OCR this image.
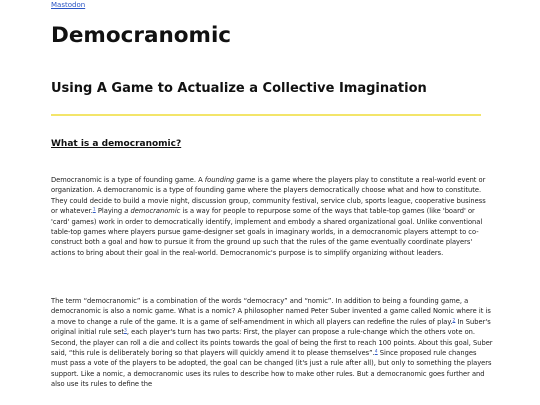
Mastodon
Democranomic
Using A Game to Actualize a Collective Imagination
What is a democranomic?

Democranomic is a type of founding game. A founding game is a game where the players play to constitute a real-world event or organization. A democranomic is a type of founding game where the players democratically choose what and how to constitute. They could decide to build a movie night, discussion group, community festival, service club, sports league, cooperative business or whatever.$^1$ Playing a democranomic is a way for people to repurpose some of the ways that table-top games (like 'board' or 'card' games) work in order to democratically identify, implement and embody a shared organizational goal. Unlike conventional table-top games where players pursue game-designer set goals in imaginary worlds, in a democranomic players attempt to co-construct both a goal and how to pursue it from the ground up such that the rules of the game eventually coordinate players' actions to bring about their goal in the real-world. Democranomic's purpose is to simplify organizing without leaders.

The term “democranomic” is a combination of the words “democracy” and “nomic”. In addition to being a founding game, a democranomic is also a nomic game. What is a nomic? A philosopher named Peter Suber invented a game called Nomic where it is a move to change a rule of the game. It is a game of self-amendment in which all players can redefine the rules of play.$^2$ In Suber's original initial rule set$^3$, each player's turn has two parts: First, the player can propose a rule-change which the others vote on. Second, the player can roll a die and collect its points towards the goal of being the first to reach 100 points. About this goal, Suber said, “this rule is deliberately boring so that players will quickly amend it to please themselves”.$^4$ Since proposed rule changes must pass a vote of the players to be adopted, the goal can be changed (it's just a rule after all), but only to something the players support. Like a nomic, a democranomic uses its rules to describe how to make other rules. But a democranomic goes further and also use its rules to define the
